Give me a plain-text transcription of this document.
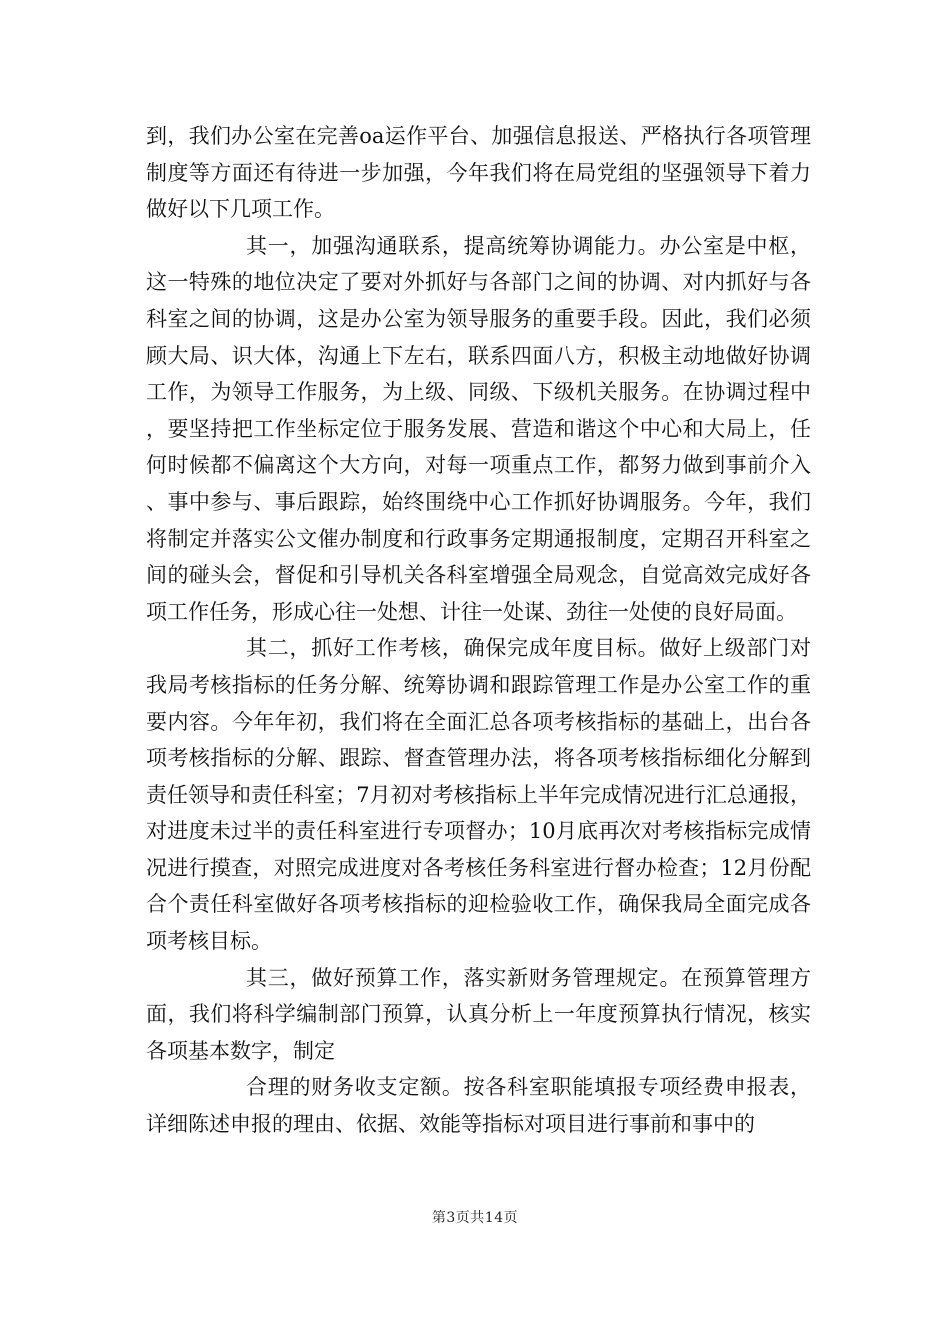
到，我们办公室在完善oa运作平台、加强信息报送、严格执行各项管理制度等方面还有待进一步加强，今年我们将在局党组的坚强领导下着力做好以下几项工作。

其一，加强沟通联系，提高统筹协调能力。办公室是中枢，这一特殊的地位决定了要对外抓好与各部门之间的协调、对内抓好与各科室之间的协调，这是办公室为领导服务的重要手段。因此，我们必须顾大局、识大体，沟通上下左右，联系四面八方，积极主动地做好协调工作，为领导工作服务，为上级、同级、下级机关服务。在协调过程中，要坚持把工作坐标定位于服务发展、营造和谐这个中心和大局上，任何时候都不偏离这个大方向，对每一项重点工作，都努力做到事前介入、事中参与、事后跟踪，始终围绕中心工作抓好协调服务。今年，我们将制定并落实公文催办制度和行政事务定期通报制度，定期召开科室之间的碰头会，督促和引导机关各科室增强全局观念，自觉高效完成好各项工作任务，形成心往一处想、计往一处谋、劲往一处使的良好局面。

其二，抓好工作考核，确保完成年度目标。做好上级部门对我局考核指标的任务分解、统筹协调和跟踪管理工作是办公室工作的重要内容。今年年初，我们将在全面汇总各项考核指标的基础上，出台各项考核指标的分解、跟踪、督查管理办法，将各项考核指标细化分解到责任领导和责任科室；7月初对考核指标上半年完成情况进行汇总通报，对进度未过半的责任科室进行专项督办；10月底再次对考核指标完成情况进行摸查，对照完成进度对各考核任务科室进行督办检查；12月份配合个责任科室做好各项考核指标的迎检验收工作，确保我局全面完成各项考核目标。

其三，做好预算工作，落实新财务管理规定。在预算管理方面，我们将科学编制部门预算，认真分析上一年度预算执行情况，核实各项基本数字，制定

合理的财务收支定额。按各科室职能填报专项经费申报表，详细陈述申报的理由、依据、效能等指标对项目进行事前和事中的

第3页共14页
